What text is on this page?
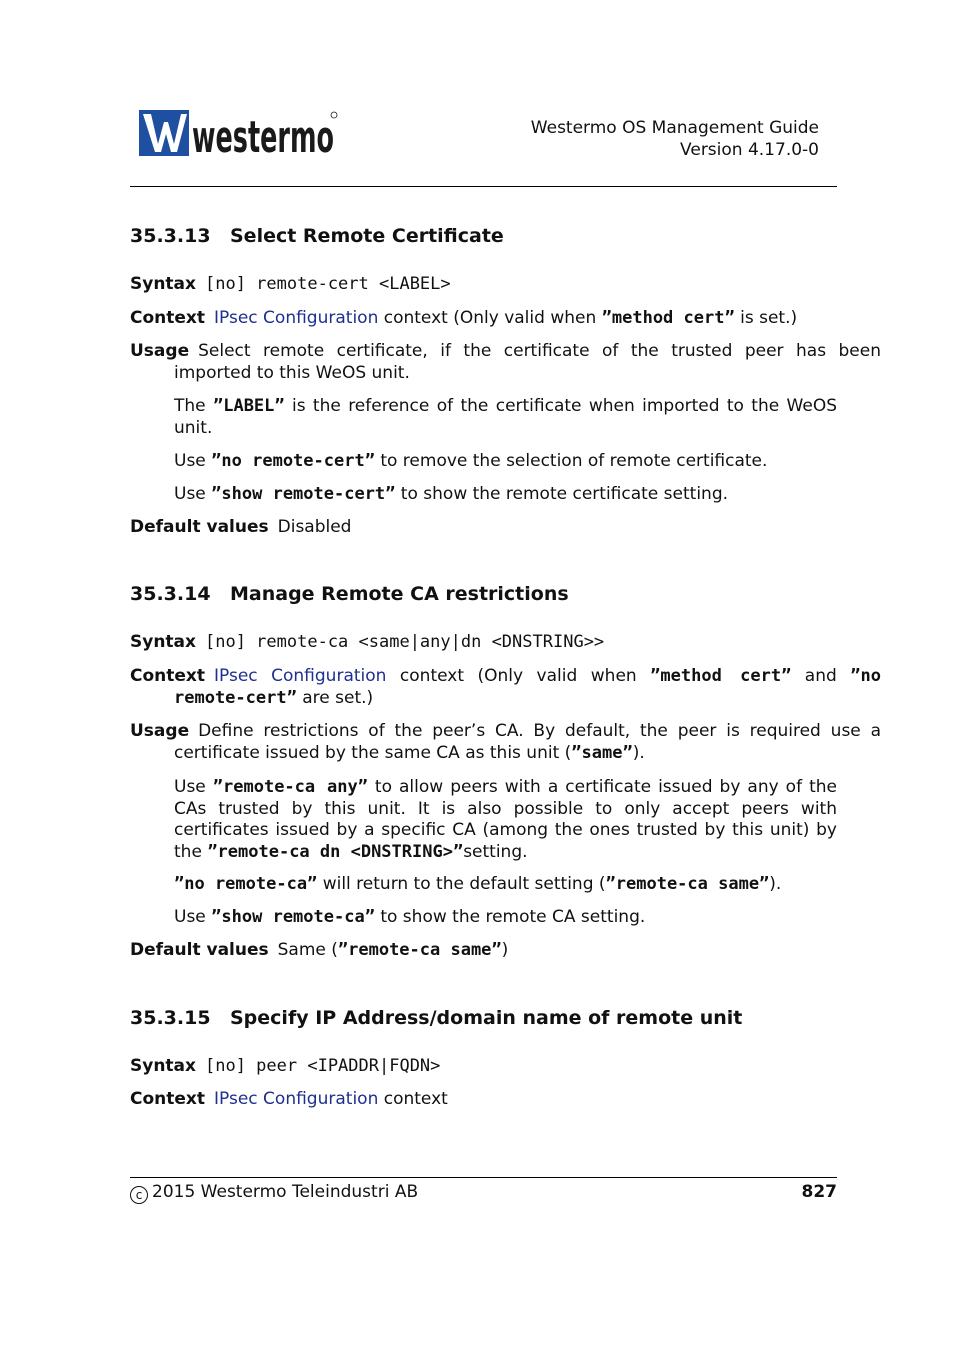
westermo	Westermo OS Management Guide
Version 4.17.0-0
35.3.13 Select Remote Certificate
Syntax [no] remote-cert <LABEL>
Context IPsec Configuration context (Only valid when ”method cert” is set.)
Usage Select remote certificate, if the certificate of the trusted peer has been imported to this WeOS unit.
The ”LABEL” is the reference of the certificate when imported to the WeOS unit.
Use ”no remote-cert” to remove the selection of remote certificate.
Use ”show remote-cert” to show the remote certificate setting.
Default values Disabled
35.3.14 Manage Remote CA restrictions
Syntax [no] remote-ca <same|any|dn <DNSTRING>>
Context IPsec Configuration context (Only valid when ”method cert” and ”no remote-cert” are set.)
Usage Define restrictions of the peer’s CA. By default, the peer is required use a certificate issued by the same CA as this unit (”same”).
Use ”remote-ca any” to allow peers with a certificate issued by any of the CAs trusted by this unit. It is also possible to only accept peers with certificates issued by a specific CA (among the ones trusted by this unit) by the ”remote-ca dn <DNSTRING>”setting.
”no remote-ca” will return to the default setting (”remote-ca same”).
Use ”show remote-ca” to show the remote CA setting.
Default values Same (”remote-ca same”)
35.3.15 Specify IP Address/domain name of remote unit
Syntax [no] peer <IPADDR|FQDN>
Context IPsec Configuration context
c 2015 Westermo Teleindustri AB	827
